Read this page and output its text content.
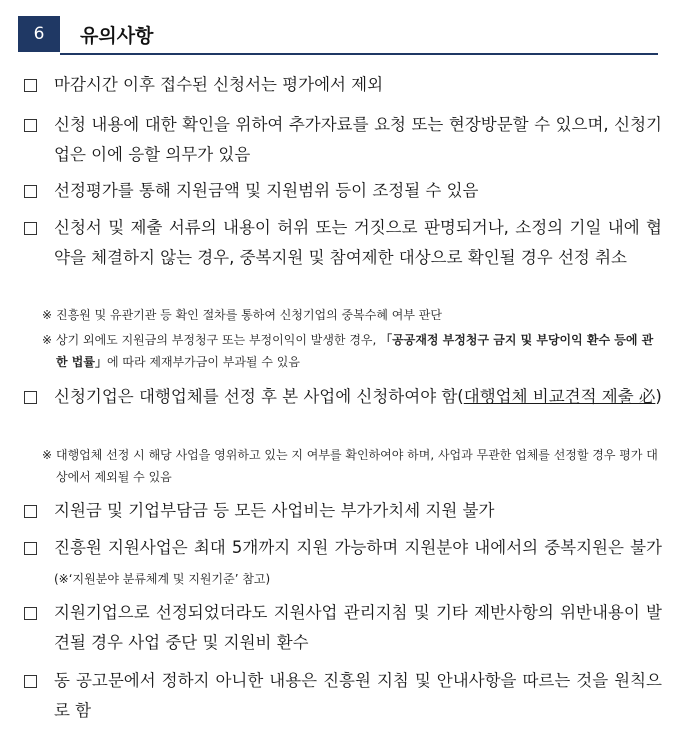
6	유의사항
마감시간 이후 접수된 신청서는 평가에서 제외
신청 내용에 대한 확인을 위하여 추가자료를 요청 또는 현장방문할 수 있으며, 신청기업은 이에 응할 의무가 있음
선정평가를 통해 지원금액 및 지원범위 등이 조정될 수 있음
신청서 및 제출 서류의 내용이 허위 또는 거짓으로 판명되거나, 소정의 기일 내에 협약을 체결하지 않는 경우, 중복지원 및 참여제한 대상으로 확인될 경우 선정 취소
※ 진흥원 및 유관기관 등 확인 절차를 통하여 신청기업의 중복수혜 여부 판단
※ 상기 외에도 지원금의 부정청구 또는 부정이익이 발생한 경우, 「공공재정 부정청구 금지 및 부당이익 환수 등에 관한 법률」에 따라 제재부가금이 부과될 수 있음
신청기업은 대행업체를 선정 후 본 사업에 신청하여야 함(대행업체 비교견적 제출 必)
※ 대행업체 선정 시 해당 사업을 영위하고 있는 지 여부를 확인하여야 하며, 사업과 무관한 업체를 선정할 경우 평가 대상에서 제외될 수 있음
지원금 및 기업부담금 등 모든 사업비는 부가가치세 지원 불가
진흥원 지원사업은 최대 5개까지 지원 가능하며 지원분야 내에서의 중복지원은 불가 (※‘지원분야 분류체계 및 지원기준’ 참고)
지원기업으로 선정되었더라도 지원사업 관리지침 및 기타 제반사항의 위반내용이 발견될 경우 사업 중단 및 지원비 환수
동 공고문에서 정하지 아니한 내용은 진흥원 지침 및 안내사항을 따르는 것을 원칙으로 함
